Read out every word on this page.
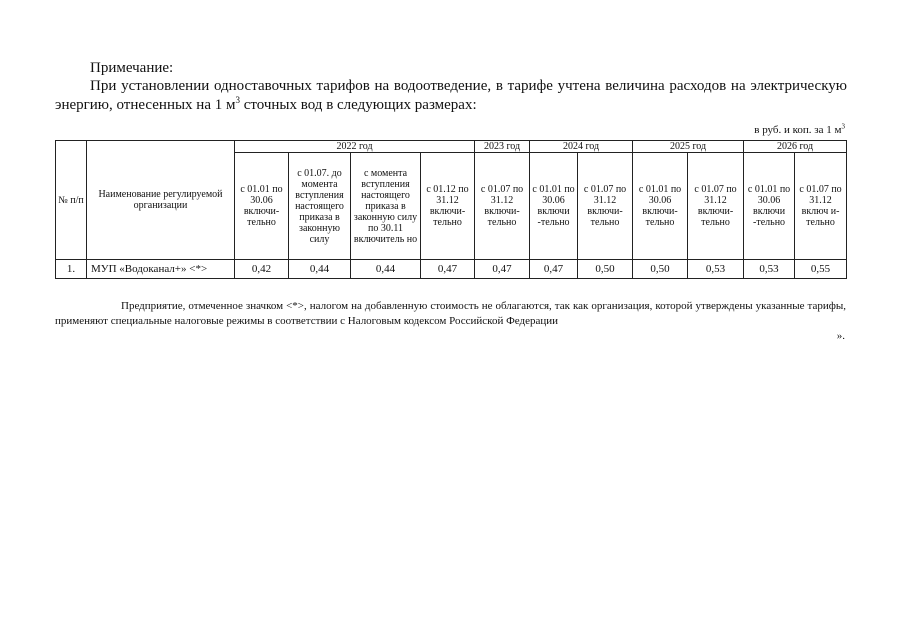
Примечание:
При установлении одноставочных тарифов на водоотведение, в тарифе учтена величина расходов на электрическую энергию, отнесенных на 1 $м^3$ сточных вод в следующих размерах:
в руб. и коп. за 1 $м^3$
№ п/п	Наименование регулируемой организации	2022 год				2023 год	2024 год		2025 год		2026 год	
		с 01.01 по 30.06 включи-тельно	с 01.07. до момента вступления настоящего приказа в законную силу	с момента вступления настоящего приказа в законную силу по 30.11 включитель но	с 01.12 по 31.12 включи-тельно	с 01.07 по 31.12 включи-тельно	с 01.01 по 30.06 включи -тельно	с 01.07 по 31.12 включи-тельно	с 01.01 по 30.06 включи-тельно	с 01.07 по 31.12 включи-тельно	с 01.01 по 30.06 включи -тельно	с 01.07 по 31.12 включ и-тельно
1.	МУП «Водоканал+» <*>	0,42	0,44	0,44	0,47	0,47	0,47	0,50	0,50	0,53	0,53	0,55
Предприятие, отмеченное значком <*>, налогом на добавленную стоимость не облагаются, так как организация, которой утверждены указанные тарифы, применяют специальные налоговые режимы в соответствии с Налоговым кодексом Российской Федерации
».
